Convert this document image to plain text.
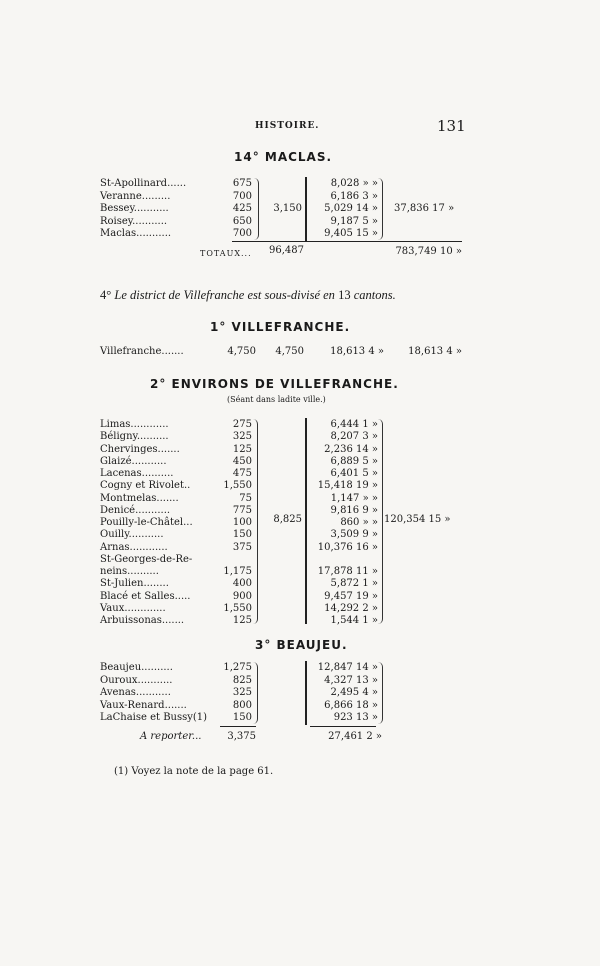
HISTOIRE.	131
14° MACLAS.
St-Apollinard......	675	8,028 » »
Veranne.........	700	6,186 3 »
Bessey...........	425	5,029 14 »
Roisey...........	650	9,187 5 »
Maclas...........	700	9,405 15 »
3,150	37,836 17 »
TOTAUX...	96,487	783,749 10 »
4° Le district de Villefranche est sous-divisé en 13 cantons.
1° VILLEFRANCHE.
Villefranche.......	4,750	4,750	18,613 4 »	18,613 4 »
2° ENVIRONS DE VILLEFRANCHE.
(Séant dans ladite ville.)
Limas............	275	6,444 1 »
Béligny..........	325	8,207 3 »
Chervinges.......	125	2,236 14 »
Glaizé...........	450	6,889 5 »
Lacenas..........	475	6,401 5 »
Cogny et Rivolet..	1,550	15,418 19 »
Montmelas.......	75	1,147 » »
Denicé...........	775	9,816 9 »
Pouilly-le-Châtel...	100	860 » »
Ouilly...........	150	3,509 9 »
Arnas............	375	10,376 16 »
St-Georges-de-Re-
neins..........	1,175	17,878 11 »
St-Julien........	400	5,872 1 »
Blacé et Salles.....	900	9,457 19 »
Vaux.............	1,550	14,292 2 »
Arbuissonas.......	125	1,544 1 »
8,825	120,354 15 »
3° BEAUJEU.
Beaujeu..........	1,275	12,847 14 »
Ouroux...........	825	4,327 13 »
Avenas...........	325	2,495 4 »
Vaux-Renard.......	800	6,866 18 »
LaChaise et Bussy(1)	150	923 13 »
A reporter...	3,375	27,461 2 »
(1) Voyez la note de la page 61.
